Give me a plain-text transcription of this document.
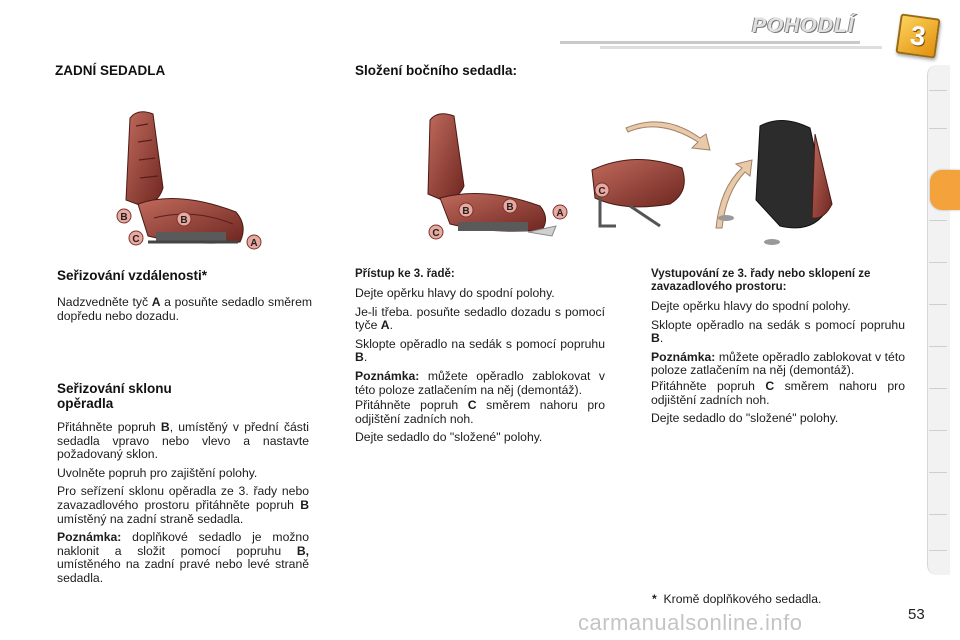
POHODLÍ	3
ZADNÍ SEDADLA	Složení bočního sedadla:
B
C
B
A
B	B
C
A
C
Seřizování vzdálenosti*

Nadzvedněte tyč A a posuňte sedadlo směrem dopředu nebo dozadu.

Seřizování sklonu opěradla

Přitáhněte popruh B, umístěný v přední části sedadla vpravo nebo vlevo a nastavte požadovaný sklon.

Uvolněte popruh pro zajištění polohy.

Pro seřízení sklonu opěradla ze 3. řady nebo zavazadlového prostoru přitáhněte popruh B umístěný na zadní straně sedadla.

Poznámka: doplňkové sedadlo je možno naklonit a složit pomocí popruhu B, umístěného na zadní pravé nebo levé straně sedadla.

Přístup ke 3. řadě:

Dejte opěrku hlavy do spodní polohy.

Je-li třeba. posuňte sedadlo dozadu s pomocí tyče A.

Sklopte opěradlo na sedák s pomocí popruhu B.

Poznámka: můžete opěradlo zablokovat v této poloze zatlačením na něj (demontáž).

Přitáhněte popruh C směrem nahoru pro odjištění zadních noh.

Dejte sedadlo do "složené" polohy.

Vystupování ze 3. řady nebo sklopení ze zavazadlového prostoru:

Dejte opěrku hlavy do spodní polohy.

Sklopte opěradlo na sedák s pomocí popruhu B.

Poznámka: můžete opěradlo zablokovat v této poloze zatlačením na něj (demontáž).

Přitáhněte popruh C směrem nahoru pro odjištění zadních noh.

Dejte sedadlo do "složené" polohy.

* Kromě doplňkového sedadla.
53
carmanualsonline.info
